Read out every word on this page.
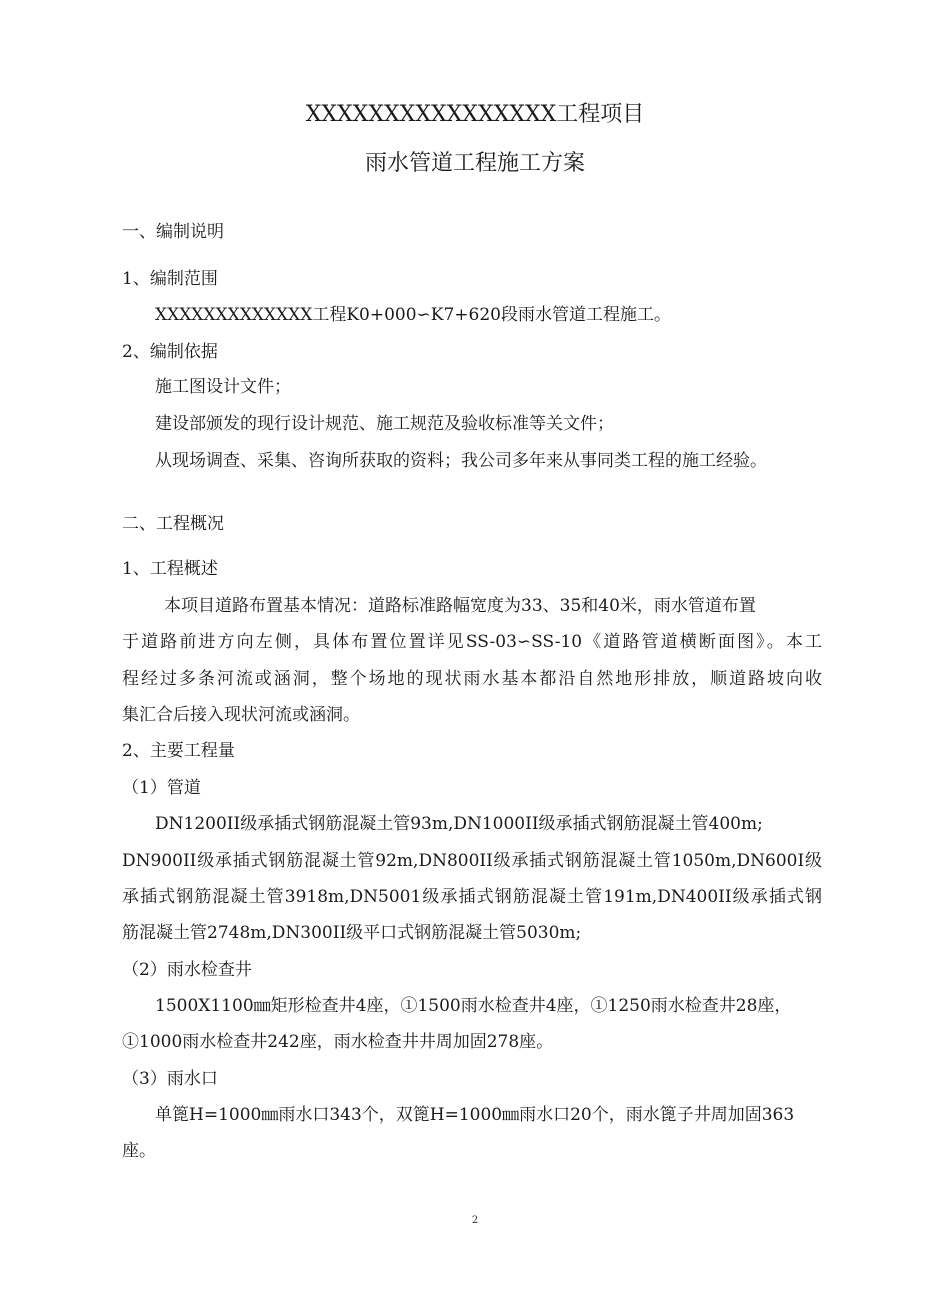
XXXXXXXXXXXXXXXX工程项目
雨水管道工程施工方案
一、编制说明
1、编制范围
XXXXXXXXXXXXX工程K0+000∽K7+620段雨水管道工程施工。
2、编制依据
施工图设计文件；
建设部颁发的现行设计规范、施工规范及验收标准等关文件；
从现场调查、采集、咨询所获取的资料；我公司多年来从事同类工程的施工经验。
二、工程概况
1、工程概述
本项目道路布置基本情况：道路标准路幅宽度为33、35和40米，雨水管道布置
于道路前进方向左侧，具体布置位置详见SS-03∽SS-10《道路管道横断面图》。本工
程经过多条河流或涵洞，整个场地的现状雨水基本都沿自然地形排放，顺道路坡向收
集汇合后接入现状河流或涵洞。
2、主要工程量
（1）管道
DN1200II级承插式钢筋混凝土管93m,DN1000II级承插式钢筋混凝土管400m;
DN900II级承插式钢筋混凝土管92m,DN800II级承插式钢筋混凝土管1050m,DN600I级
承插式钢筋混凝土管3918m,DN5001级承插式钢筋混凝土管191m,DN400II级承插式钢
筋混凝土管2748m,DN300II级平口式钢筋混凝土管5030m;
（2）雨水检查井
1500X1100㎜矩形检查井4座，①1500雨水检查井4座，①1250雨水检查井28座，
①1000雨水检查井242座，雨水检查井井周加固278座。
（3）雨水口
单篦H=1000㎜雨水口343个，双篦H=1000㎜雨水口20个，雨水篦子井周加固363
座。
2
